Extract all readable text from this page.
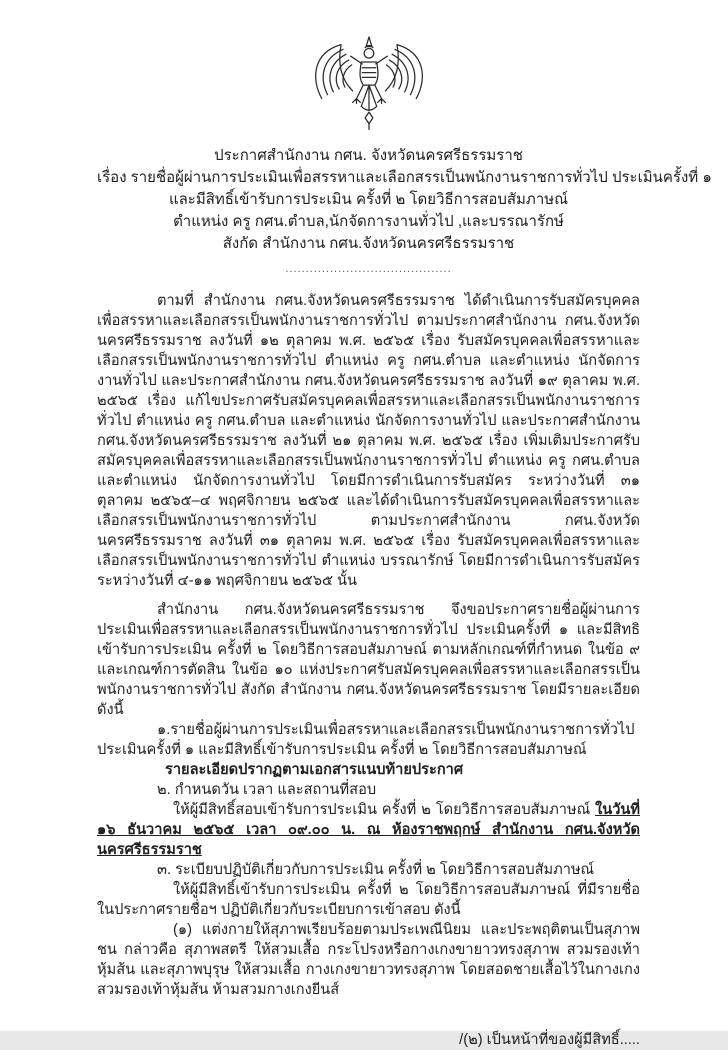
ประกาศสำนักงาน กศน. จังหวัดนครศรีธรรมราช
เรื่อง รายชื่อผู้ผ่านการประเมินเพื่อสรรหาและเลือกสรรเป็นพนักงานราชการทั่วไป ประเมินครั้งที่ ๑
และมีสิทธิ์เข้ารับการประเมิน ครั้งที่ ๒ โดยวิธีการสอบสัมภาษณ์
ตำแหน่ง ครู กศน.ตำบล,นักจัดการงานทั่วไป ,และบรรณารักษ์
สังกัด สำนักงาน กศน.จังหวัดนครศรีธรรมราช
.........................................

ตามที่ สำนักงาน กศน.จังหวัดนครศรีธรรมราช ได้ดำเนินการรับสมัครบุคคลเพื่อสรรหาและเลือกสรรเป็นพนักงานราชการทั่วไป ตามประกาศสำนักงาน กศน.จังหวัดนครศรีธรรมราช ลงวันที่ ๑๒ ตุลาคม พ.ศ. ๒๕๖๕ เรื่อง รับสมัครบุคคลเพื่อสรรหาและเลือกสรรเป็นพนักงานราชการทั่วไป ตำแหน่ง ครู กศน.ตำบล และตำแหน่ง นักจัดการงานทั่วไป และประกาศสำนักงาน กศน.จังหวัดนครศรีธรรมราช ลงวันที่ ๑๙ ตุลาคม พ.ศ. ๒๕๖๕ เรื่อง แก้ไขประกาศรับสมัครบุคคลเพื่อสรรหาและเลือกสรรเป็นพนักงานราชการทั่วไป ตำแหน่ง ครู กศน.ตำบล และตำแหน่ง นักจัดการงานทั่วไป และประกาศสำนักงาน กศน.จังหวัดนครศรีธรรมราช ลงวันที่ ๒๑ ตุลาคม พ.ศ. ๒๕๖๕ เรื่อง เพิ่มเติมประกาศรับสมัครบุคคลเพื่อสรรหาและเลือกสรรเป็นพนักงานราชการทั่วไป ตำแหน่ง ครู กศน.ตำบล และตำแหน่ง นักจัดการงานทั่วไป โดยมีการดำเนินการรับสมัคร ระหว่างวันที่ ๓๑ ตุลาคม ๒๕๖๕–๔ พฤศจิกายน ๒๕๖๕ และได้ดำเนินการรับสมัครบุคคลเพื่อสรรหาและเลือกสรรเป็นพนักงานราชการทั่วไป ตามประกาศสำนักงาน กศน.จังหวัดนครศรีธรรมราช ลงวันที่ ๓๑ ตุลาคม พ.ศ. ๒๕๖๕ เรื่อง รับสมัครบุคคลเพื่อสรรหาและเลือกสรรเป็นพนักงานราชการทั่วไป ตำแหน่ง บรรณารักษ์ โดยมีการดำเนินการรับสมัคร ระหว่างวันที่ ๔-๑๑ พฤศจิกายน ๒๕๖๕ นั้น

สำนักงาน กศน.จังหวัดนครศรีธรรมราช จึงขอประกาศรายชื่อผู้ผ่านการประเมินเพื่อสรรหาและเลือกสรรเป็นพนักงานราชการทั่วไป ประเมินครั้งที่ ๑ และมีสิทธิเข้ารับการประเมิน ครั้งที่ ๒ โดยวิธีการสอบสัมภาษณ์ ตามหลักเกณฑ์ที่กำหนด ในข้อ ๙ และเกณฑ์การตัดสิน ในข้อ ๑๐ แห่งประกาศรับสมัครบุคคลเพื่อสรรหาและเลือกสรรเป็นพนักงานราชการทั่วไป สังกัด สำนักงาน กศน.จังหวัดนครศรีธรรมราช โดยมีรายละเอียด ดังนี้

๑.รายชื่อผู้ผ่านการประเมินเพื่อสรรหาและเลือกสรรเป็นพนักงานราชการทั่วไป ประเมินครั้งที่ ๑ และมีสิทธิ์เข้ารับการประเมิน ครั้งที่ ๒ โดยวิธีการสอบสัมภาษณ์

รายละเอียดปรากฏตามเอกสารแนบท้ายประกาศ

๒. กำหนดวัน เวลา และสถานที่สอบ

ให้ผู้มีสิทธิ์สอบเข้ารับการประเมิน ครั้งที่ ๒ โดยวิธีการสอบสัมภาษณ์ ในวันที่ ๑๖ ธันวาคม ๒๕๖๕ เวลา ๐๙.๐๐ น. ณ ห้องราชพฤกษ์ สำนักงาน กศน.จังหวัดนครศรีธรรมราช

๓. ระเบียบปฏิบัติเกี่ยวกับการประเมิน ครั้งที่ ๒ โดยวิธีการสอบสัมภาษณ์

ให้ผู้มีสิทธิ์เข้ารับการประเมิน ครั้งที่ ๒ โดยวิธีการสอบสัมภาษณ์ ที่มีรายชื่อในประกาศรายชื่อฯ ปฏิบัติเกี่ยวกับระเบียบการเข้าสอบ ดังนี้

(๑) แต่งกายให้สุภาพเรียบร้อยตามประเพณีนิยม และประพฤติตนเป็นสุภาพชน กล่าวคือ สุภาพสตรี ให้สวมเสื้อ กระโปรงหรือกางเกงขายาวทรงสุภาพ สวมรองเท้าหุ้มส้น และสุภาพบุรุษ ให้สวมเสื้อ กางเกงขายาวทรงสุภาพ โดยสอดชายเสื้อไว้ในกางเกง สวมรองเท้าหุ้มส้น ห้ามสวมกางเกงยีนส์

/(๒) เป็นหน้าที่ของผู้มีสิทธิ์.....
